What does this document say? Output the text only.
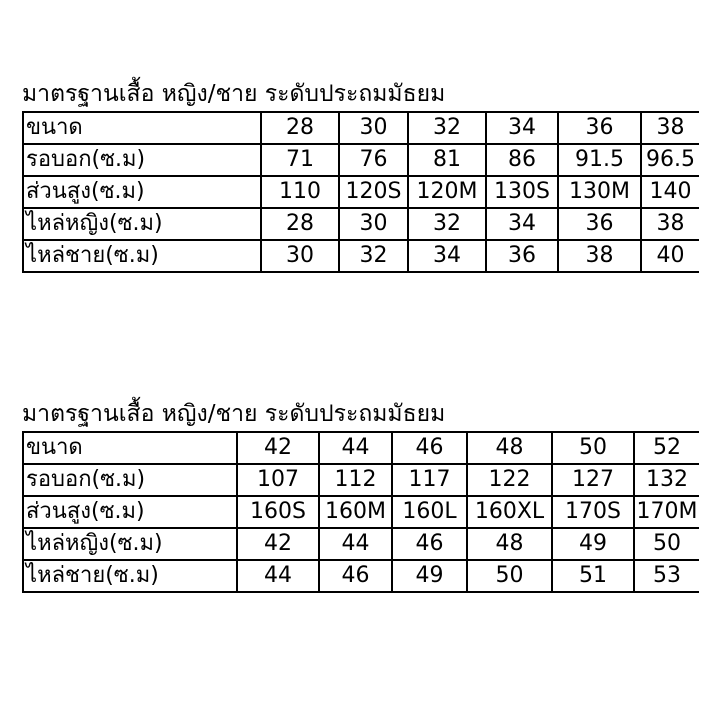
มาตรฐานเสื้อ หญิง/ชาย ระดับประถมมัธยม
ขนาด	28	30	32	34	36	38
รอบอก(ซ.ม)	71	76	81	86	91.5	96.5
ส่วนสูง(ซ.ม)	110	120S	120M	130S	130M	140
ไหล่หญิง(ซ.ม)	28	30	32	34	36	38
ไหล่ชาย(ซ.ม)	30	32	34	36	38	40
มาตรฐานเสื้อ หญิง/ชาย ระดับประถมมัธยม
ขนาด	42	44	46	48	50	52
รอบอก(ซ.ม)	107	112	117	122	127	132
ส่วนสูง(ซ.ม)	160S	160M	160L	160XL	170S	170M
ไหล่หญิง(ซ.ม)	42	44	46	48	49	50
ไหล่ชาย(ซ.ม)	44	46	49	50	51	53
